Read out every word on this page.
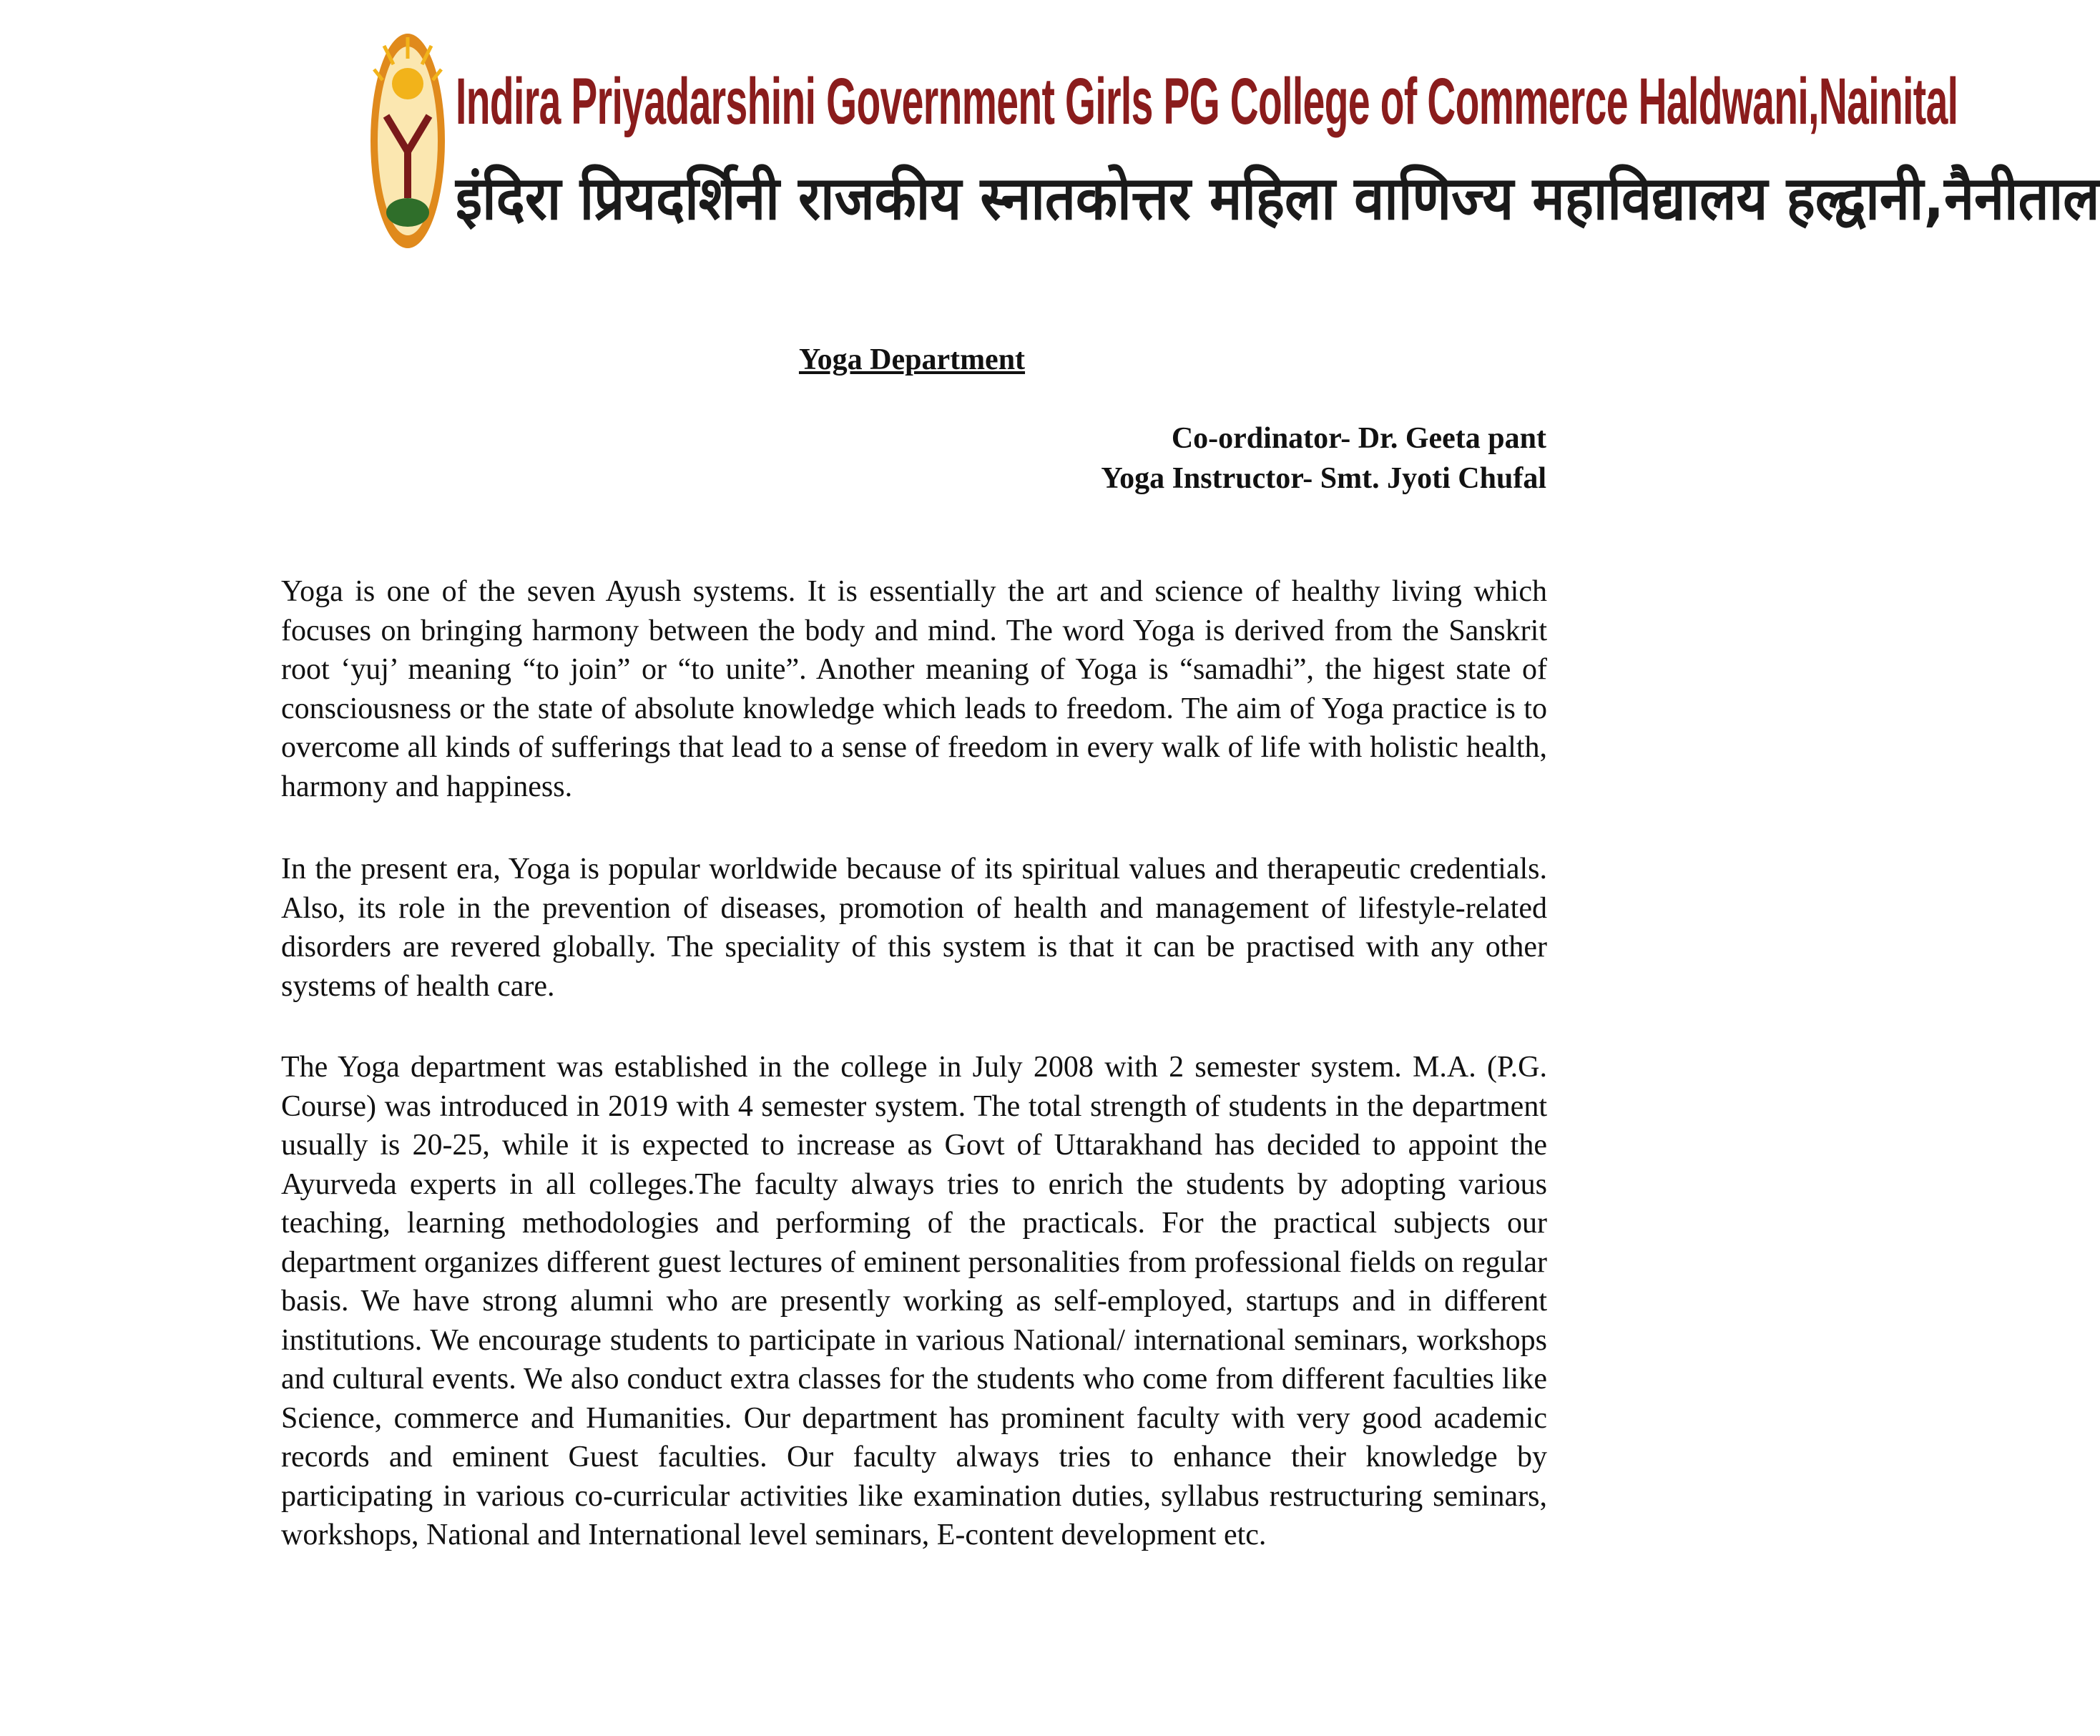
Indira Priyadarshini Government Girls PG College of Commerce Haldwani,Nainital
इंदिरा प्रियदर्शिनी राजकीय स्नातकोत्तर महिला वाणिज्य महाविद्यालय हल्द्वानी,नैनीताल
Yoga Department
Co-ordinator- Dr. Geeta pant
Yoga Instructor- Smt. Jyoti Chufal

Yoga is one of the seven Ayush systems. It is essentially the art and science of healthy living which focuses on bringing harmony between the body and mind. The word Yoga is derived from the Sanskrit root ‘yuj’ meaning “to join” or “to unite”. Another meaning of Yoga is “samadhi”, the higest state of consciousness or the state of absolute knowledge which leads to freedom. The aim of Yoga practice is to overcome all kinds of sufferings that lead to a sense of freedom in every walk of life with holistic health, harmony and happiness.

In the present era, Yoga is popular worldwide because of its spiritual values and therapeutic credentials. Also, its role in the prevention of diseases, promotion of health and management of lifestyle-related disorders are revered globally. The speciality of this system is that it can be practised with any other systems of health care.

The Yoga department was established in the college in July 2008 with 2 semester system. M.A. (P.G. Course) was introduced in 2019 with 4 semester system. The total strength of students in the department usually is 20-25, while it is expected to increase as Govt of Uttarakhand has decided to appoint the Ayurveda experts in all colleges.The faculty always tries to enrich the students by adopting various teaching, learning methodologies and performing of the practicals. For the practical subjects our department organizes different guest lectures of eminent personalities from professional fields on regular basis. We have strong alumni who are presently working as self-employed, startups and in different institutions. We encourage students to participate in various National/ international seminars, workshops and cultural events. We also conduct extra classes for the students who come from different faculties like Science, commerce and Humanities. Our department has prominent faculty with very good academic records and eminent Guest faculties. Our faculty always tries to enhance their knowledge by participating in various co-curricular activities like examination duties, syllabus restructuring seminars, workshops, National and International level seminars, E-content development etc.
